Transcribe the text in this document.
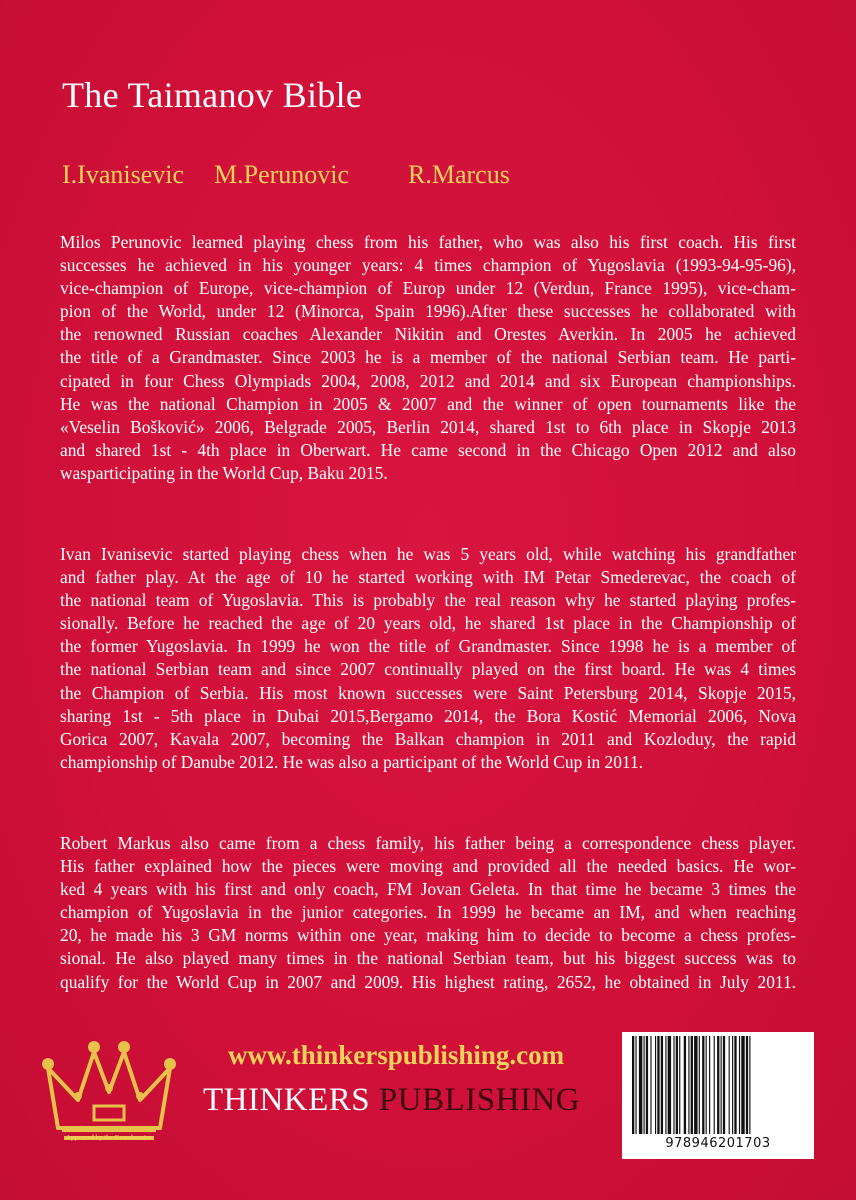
The Taimanov Bible
I.Ivanisevic M.Perunovic R.Marcus
Milos Perunovic learned playing chess from his father, who was also his first coach. His first
successes he achieved in his younger years: 4 times champion of Yugoslavia (1993-94-95-96),
vice-champion of Europe, vice-champion of Europ under 12 (Verdun, France 1995), vice-cham-
pion of the World, under 12 (Minorca, Spain 1996).After these successes he collaborated with
the renowned Russian coaches Alexander Nikitin and Orestes Averkin. In 2005 he achieved
the title of a Grandmaster. Since 2003 he is a member of the national Serbian team. He parti-
cipated in four Chess Olympiads 2004, 2008, 2012 and 2014 and six European championships.
He was the national Champion in 2005 & 2007 and the winner of open tournaments like the
«Veselin Bošković» 2006, Belgrade 2005, Berlin 2014, shared 1st to 6th place in Skopje 2013
and shared 1st - 4th place in Oberwart. He came second in the Chicago Open 2012 and also
wasparticipating in the World Cup, Baku 2015.
Ivan Ivanisevic started playing chess when he was 5 years old, while watching his grandfather
and father play. At the age of 10 he started working with IM Petar Smederevac, the coach of
the national team of Yugoslavia. This is probably the real reason why he started playing profes-
sionally. Before he reached the age of 20 years old, he shared 1st place in the Championship of
the former Yugoslavia. In 1999 he won the title of Grandmaster. Since 1998 he is a member of
the national Serbian team and since 2007 continually played on the first board. He was 4 times
the Champion of Serbia. His most known successes were Saint Petersburg 2014, Skopje 2015,
sharing 1st - 5th place in Dubai 2015,Bergamo 2014, the Bora Kostić Memorial 2006, Nova
Gorica 2007, Kavala 2007, becoming the Balkan champion in 2011 and Kozloduy, the rapid
championship of Danube 2012. He was also a participant of the World Cup in 2011.
Robert Markus also came from a chess family, his father being a correspondence chess player.
His father explained how the pieces were moving and provided all the needed basics. He wor-
ked 4 years with his first and only coach, FM Jovan Geleta. In that time he became 3 times the
champion of Yugoslavia in the junior categories. In 1999 he became an IM, and when reaching
20, he made his 3 GM norms within one year, making him to decide to become a chess profes-
sional. He also played many times in the national Serbian team, but his biggest success was to
qualify for the World Cup in 2007 and 2009. His highest rating, 2652, he obtained in July 2011.
Approved by the Grandmaster
www.thinkerspublishing.com
THINKERS PUBLISHING
978946201703
